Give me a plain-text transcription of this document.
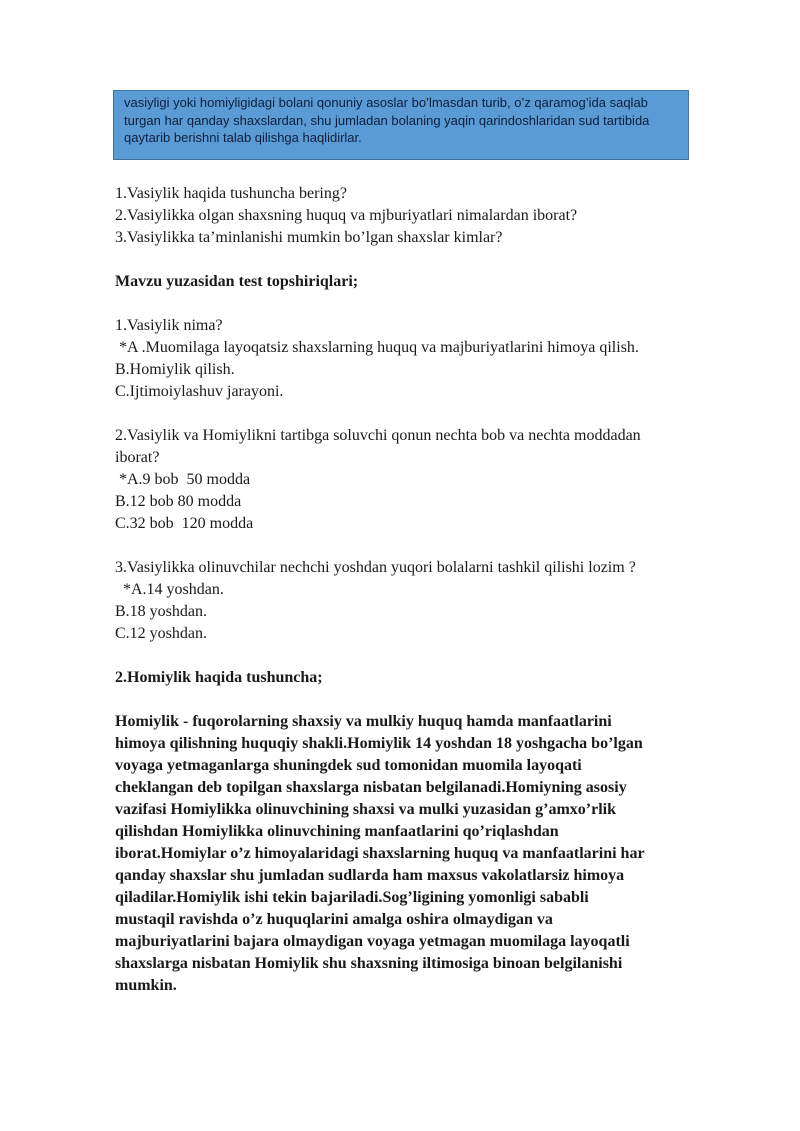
vasiyligi yoki homiyligidagi bolani qonuniy asoslar bo’lmasdan turib, o’z qaramog’ida saqlab turgan har qanday shaxslardan, shu jumladan bolaning yaqin qarindoshlaridan sud tartibida qaytarib berishni talab qilishga haqlidirlar.

1.Vasiylik haqida tushuncha bering?
2.Vasiylikka olgan shaxsning huquq va mjburiyatlari nimalardan iborat?
3.Vasiylikka ta’minlanishi mumkin bo’lgan shaxslar kimlar?
Mavzu yuzasidan test topshiriqlari;
1.Vasiylik nima?
*A .Muomilaga layoqatsiz shaxslarning huquq va majburiyatlarini himoya qilish.
B.Homiylik qilish.
C.Ijtimoiylashuv jarayoni.
2.Vasiylik va Homiylikni tartibga soluvchi qonun nechta bob va nechta moddadan
iborat?
*A.9 bob  50 modda
B.12 bob 80 modda
C.32 bob  120 modda
3.Vasiylikka olinuvchilar nechchi yoshdan yuqori bolalarni tashkil qilishi lozim ?
*A.14 yoshdan.
B.18 yoshdan.
C.12 yoshdan.
2.Homiylik haqida tushuncha;
Homiylik - fuqorolarning shaxsiy va mulkiy huquq hamda manfaatlarini
himoya qilishning huquqiy shakli.Homiylik 14 yoshdan 18 yoshgacha bo’lgan
voyaga yetmaganlarga shuningdek sud tomonidan muomila layoqati
cheklangan deb topilgan shaxslarga nisbatan belgilanadi.Homiyning asosiy
vazifasi Homiylikka olinuvchining shaxsi va mulki yuzasidan g’amxo’rlik
qilishdan Homiylikka olinuvchining manfaatlarini qo’riqlashdan
iborat.Homiylar o’z himoyalaridagi shaxslarning huquq va manfaatlarini har
qanday shaxslar shu jumladan sudlarda ham maxsus vakolatlarsiz himoya
qiladilar.Homiylik ishi tekin bajariladi.Sog’ligining yomonligi sababli
mustaqil ravishda o’z huquqlarini amalga oshira olmaydigan va
majburiyatlarini bajara olmaydigan voyaga yetmagan muomilaga layoqatli
shaxslarga nisbatan Homiylik shu shaxsning iltimosiga binoan belgilanishi
mumkin.
